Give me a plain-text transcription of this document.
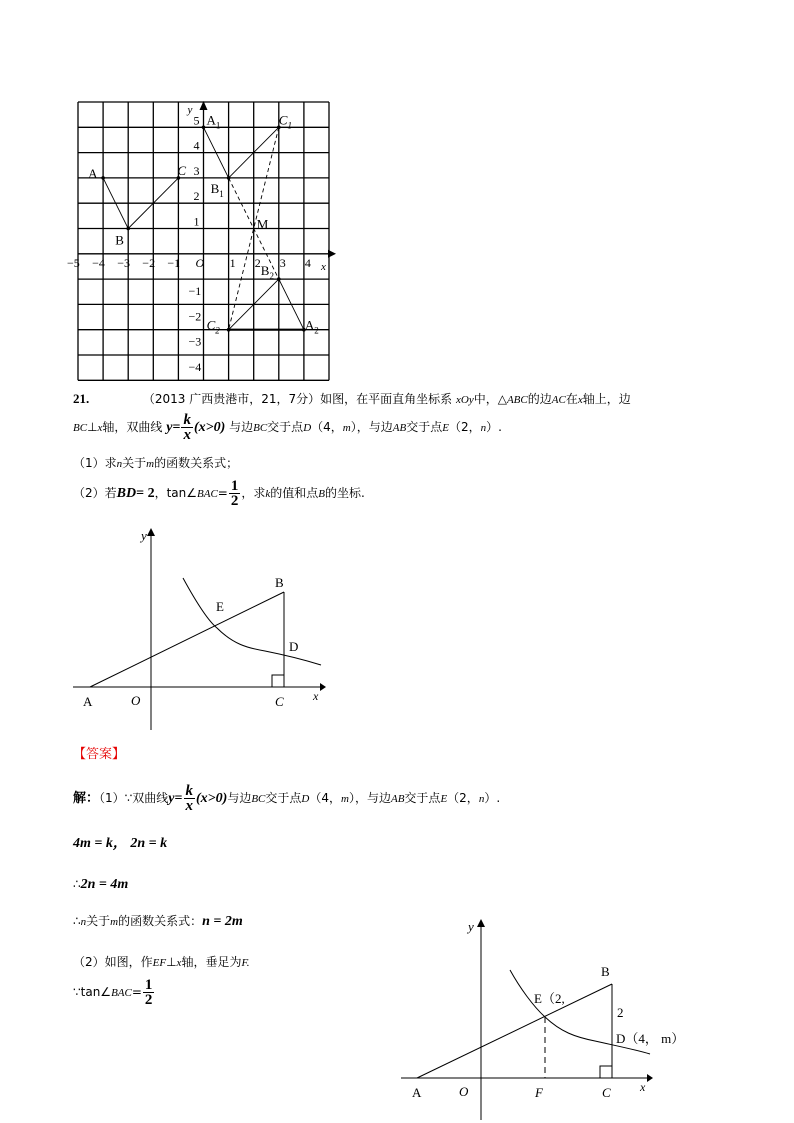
A
B
C
$A_1$
$B_1$
$C_1$
$A_2$
$B_2$
$C_2$
M
−5 −4 −3 −2 −1	1 2 3 4
5
4
3
2
1
−1
−2
−3
−4
O
y
x
21.	（2013 广西贵港市，21，7分）如图，在平面直角坐标系 xOy中，△ABC的边AC在x轴上，边
BC⊥x轴，双曲线 $y= \frac{k}{x} (x>0)$ 与边BC交于点D（4，m），与边AB交于点E（2，n）.
（1）求n关于m的函数关系式；
（2）若BD= 2，tan∠BAC= $\frac{1}{2}$ ，求k的值和点B的坐标.
y
x
A	O	C
B
E
D
【答案】
解：（1）∵双曲线$y= \frac{k}{x} (x>0)$与边BC交于点D（4，m），与边AB交于点E（2，n）.
4m = k， 2n = k
∴2n = 4m
∴n关于m的函数关系式：n = 2m
（2）如图，作EF⊥x轴，垂足为F.
∵tan∠BAC= $\frac{1}{2}$
y
x
A	O	F	C
B
E（2,
2
D（4， m）
